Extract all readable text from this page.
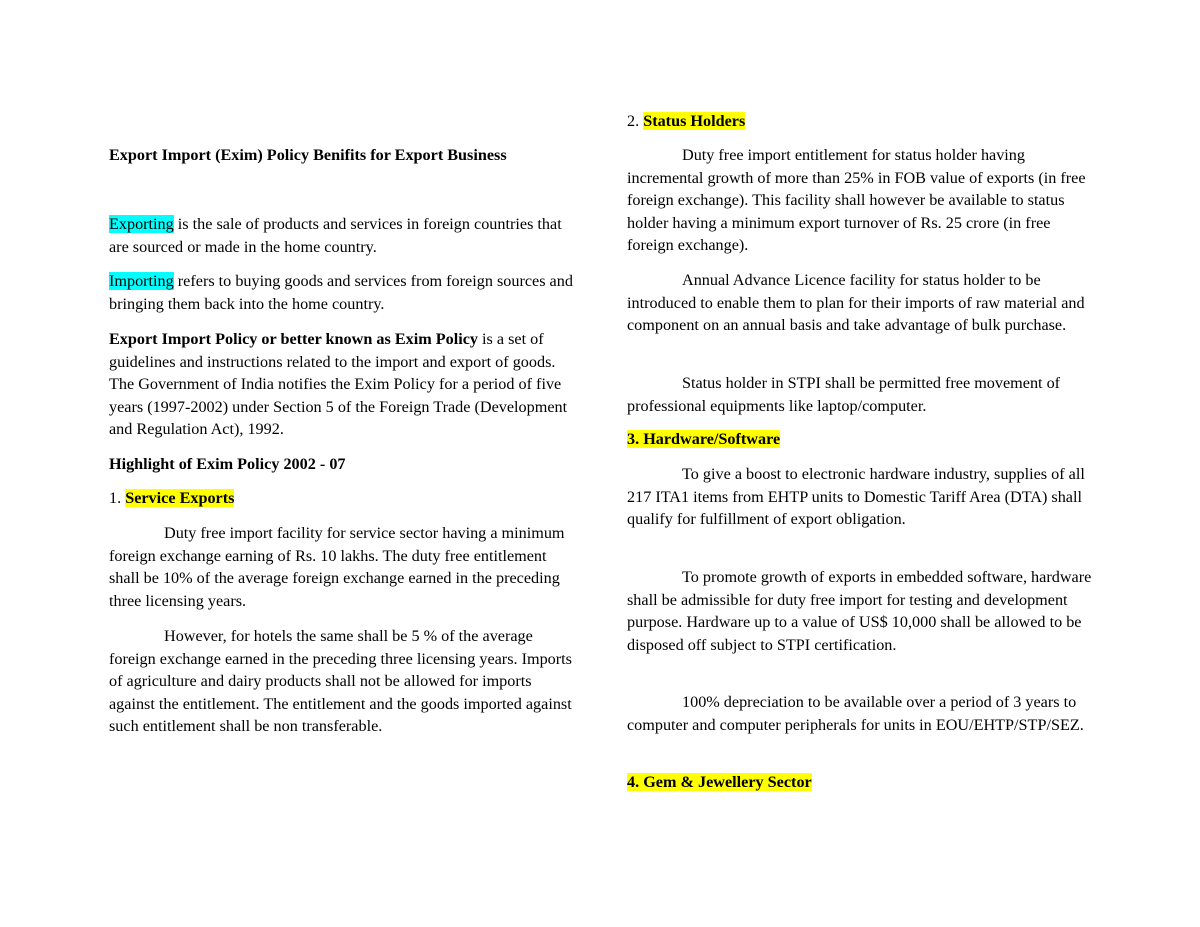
Export Import (Exim) Policy Benifits for Export Business

Exporting is the sale of products and services in foreign countries that are sourced or made in the home country.

Importing refers to buying goods and services from foreign sources and bringing them back into the home country.

Export Import Policy or better known as Exim Policy is a set of guidelines and instructions related to the import and export of goods. The Government of India notifies the Exim Policy for a period of five years (1997-2002) under Section 5 of the Foreign Trade (Development and Regulation Act), 1992.

Highlight of Exim Policy 2002 - 07

1. Service Exports

Duty free import facility for service sector having a minimum foreign exchange earning of Rs. 10 lakhs. The duty free entitlement shall be 10% of the average foreign exchange earned in the preceding three licensing years.

However, for hotels the same shall be 5 % of the average foreign exchange earned in the preceding three licensing years. Imports of agriculture and dairy products shall not be allowed for imports against the entitlement. The entitlement and the goods imported against such entitlement shall be non transferable.

2. Status Holders

Duty free import entitlement for status holder having incremental growth of more than 25% in FOB value of exports (in free foreign exchange). This facility shall however be available to status holder having a minimum export turnover of Rs. 25 crore (in free foreign exchange).

Annual Advance Licence facility for status holder to be introduced to enable them to plan for their imports of raw material and component on an annual basis and take advantage of bulk purchase.

Status holder in STPI shall be permitted free movement of professional equipments like laptop/computer.

3. Hardware/Software

To give a boost to electronic hardware industry, supplies of all 217 ITA1 items from EHTP units to Domestic Tariff Area (DTA) shall qualify for fulfillment of export obligation.

To promote growth of exports in embedded software, hardware shall be admissible for duty free import for testing and development purpose. Hardware up to a value of US$ 10,000 shall be allowed to be disposed off subject to STPI certification.

100% depreciation to be available over a period of 3 years to computer and computer peripherals for units in EOU/EHTP/STP/SEZ.

4. Gem & Jewellery Sector
